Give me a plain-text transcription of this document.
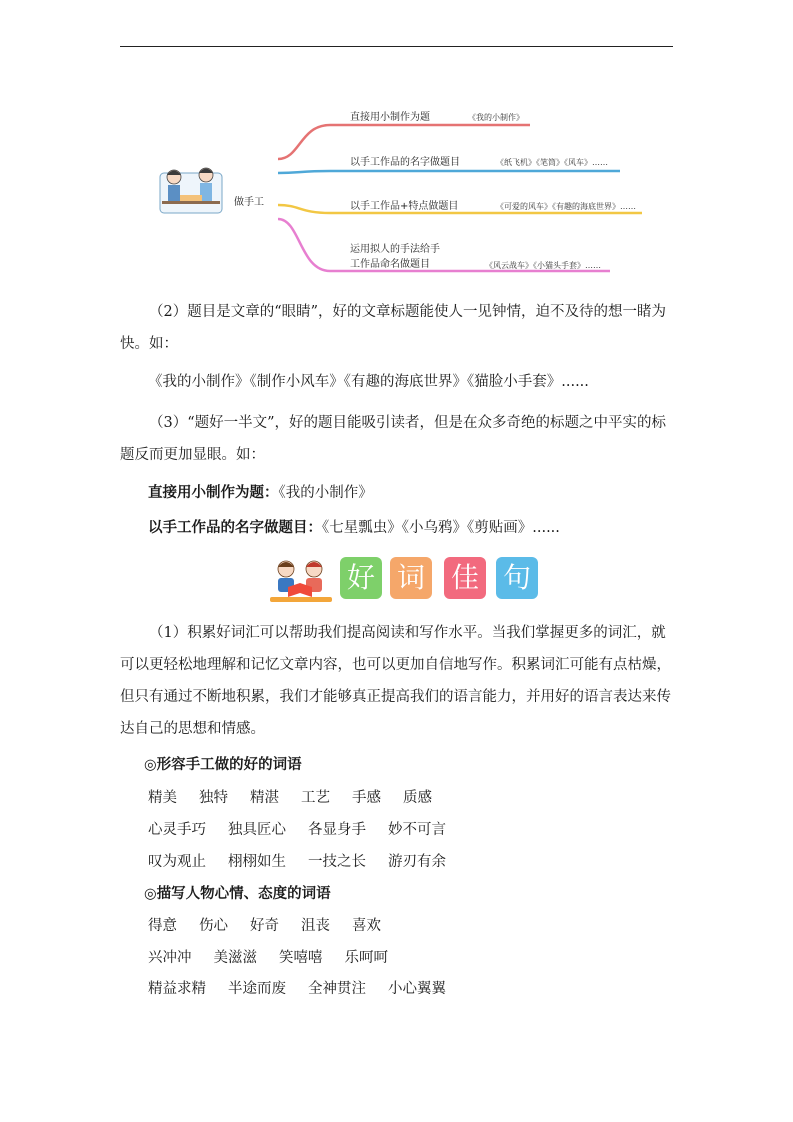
做手工
直接用小制作为题	《我的小制作》
以手工作品的名字做题目	《纸飞机》《笔筒》《风车》……
以手工作品+特点做题目	《可爱的风车》《有趣的海底世界》……
运用拟人的手法给手
工作品命名做题目	《风云战车》《小猫头手套》……

（2）题目是文章的“眼睛”，好的文章标题能使人一见钟情，迫不及待的想一睹为快。如：

《我的小制作》《制作小风车》《有趣的海底世界》《猫脸小手套》......

（3）“题好一半文”，好的题目能吸引读者，但是在众多奇绝的标题之中平实的标题反而更加显眼。如：

直接用小制作为题：《我的小制作》
以手工作品的名字做题目：《七星瓢虫》《小乌鸦》《剪贴画》......
好 词 佳 句

（1）积累好词汇可以帮助我们提高阅读和写作水平。当我们掌握更多的词汇，就可以更轻松地理解和记忆文章内容，也可以更加自信地写作。积累词汇可能有点枯燥，但只有通过不断地积累，我们才能够真正提高我们的语言能力，并用好的语言表达来传达自己的思想和情感。

◎形容手工做的好的词语
精美 独特 精湛 工艺 手感 质感
心灵手巧 独具匠心 各显身手 妙不可言
叹为观止 栩栩如生 一技之长 游刃有余
◎描写人物心情、态度的词语
得意 伤心 好奇 沮丧 喜欢
兴冲冲 美滋滋 笑嘻嘻 乐呵呵
精益求精 半途而废 全神贯注 小心翼翼
